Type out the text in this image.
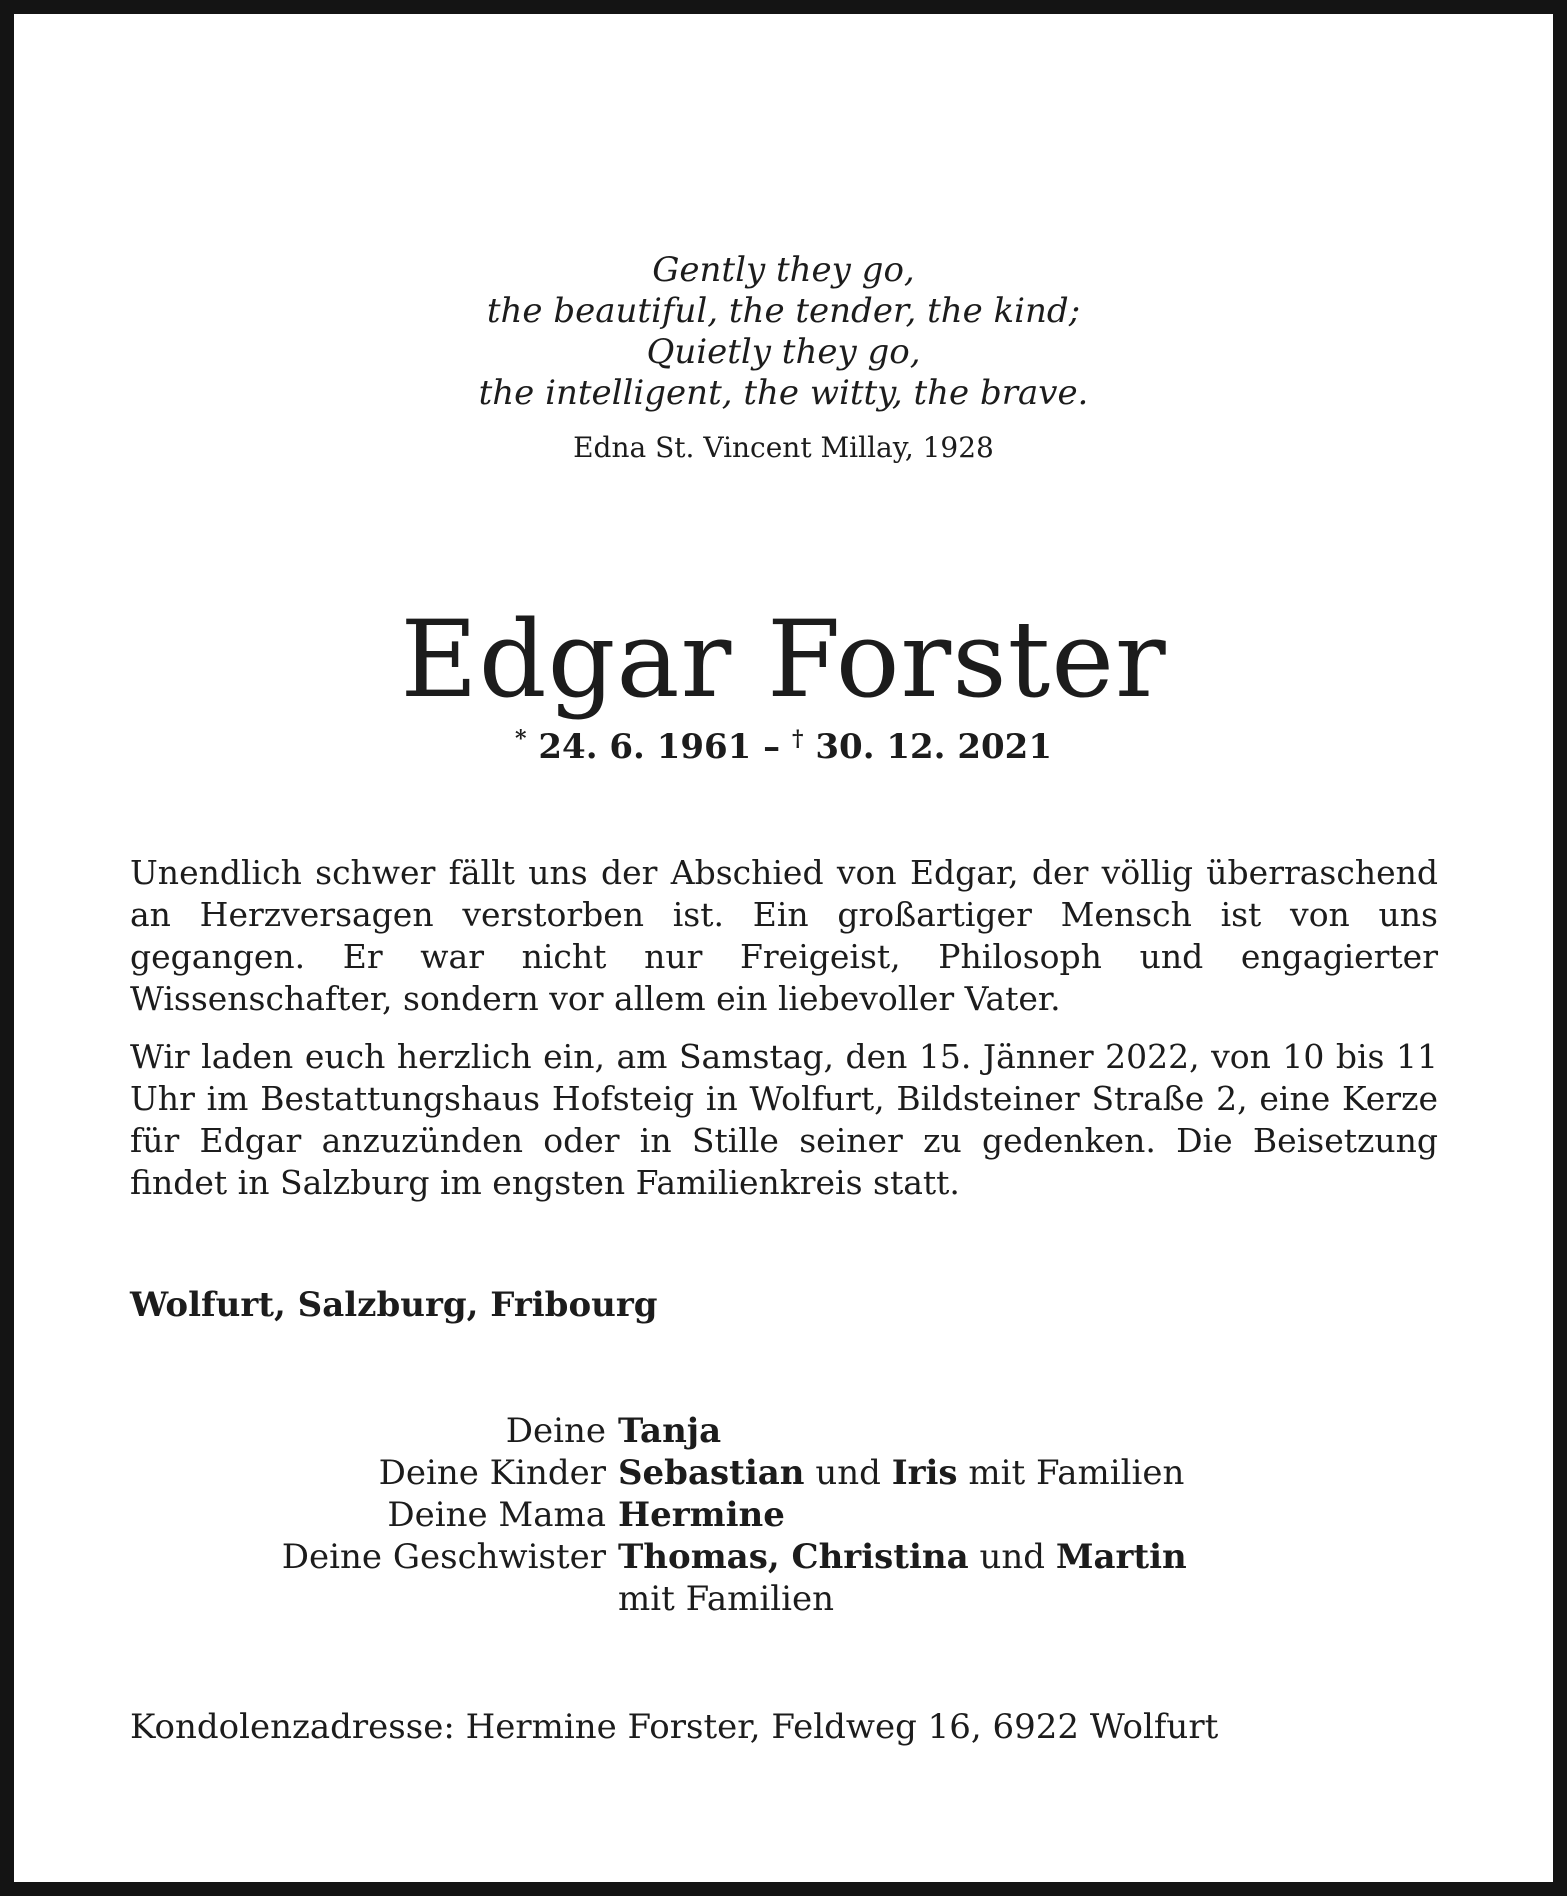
Gently they go,
the beautiful, the tender, the kind;
Quietly they go,
the intelligent, the witty, the brave.
Edna St. Vincent Millay, 1928
Edgar Forster
* 24. 6. 1961 – † 30. 12. 2021

Unendlich schwer fällt uns der Abschied von Edgar, der völlig überraschend an Herzversagen verstorben ist. Ein großartiger Mensch ist von uns gegangen. Er war nicht nur Freigeist, Philosoph und engagierter Wissenschafter, sondern vor allem ein liebevoller Vater.

Wir laden euch herzlich ein, am Samstag, den 15. Jänner 2022, von 10 bis 11 Uhr im Bestattungshaus Hofsteig in Wolfurt, Bildsteiner Straße 2, eine Kerze für Edgar anzuzünden oder in Stille seiner zu gedenken. Die Beisetzung findet in Salzburg im engsten Familienkreis statt.

Wolfurt, Salzburg, Fribourg
Deine Tanja
Deine Kinder Sebastian und Iris mit Familien
Deine Mama Hermine
Deine Geschwister Thomas, Christina und Martin
mit Familien
Kondolenzadresse: Hermine Forster, Feldweg 16, 6922 Wolfurt
